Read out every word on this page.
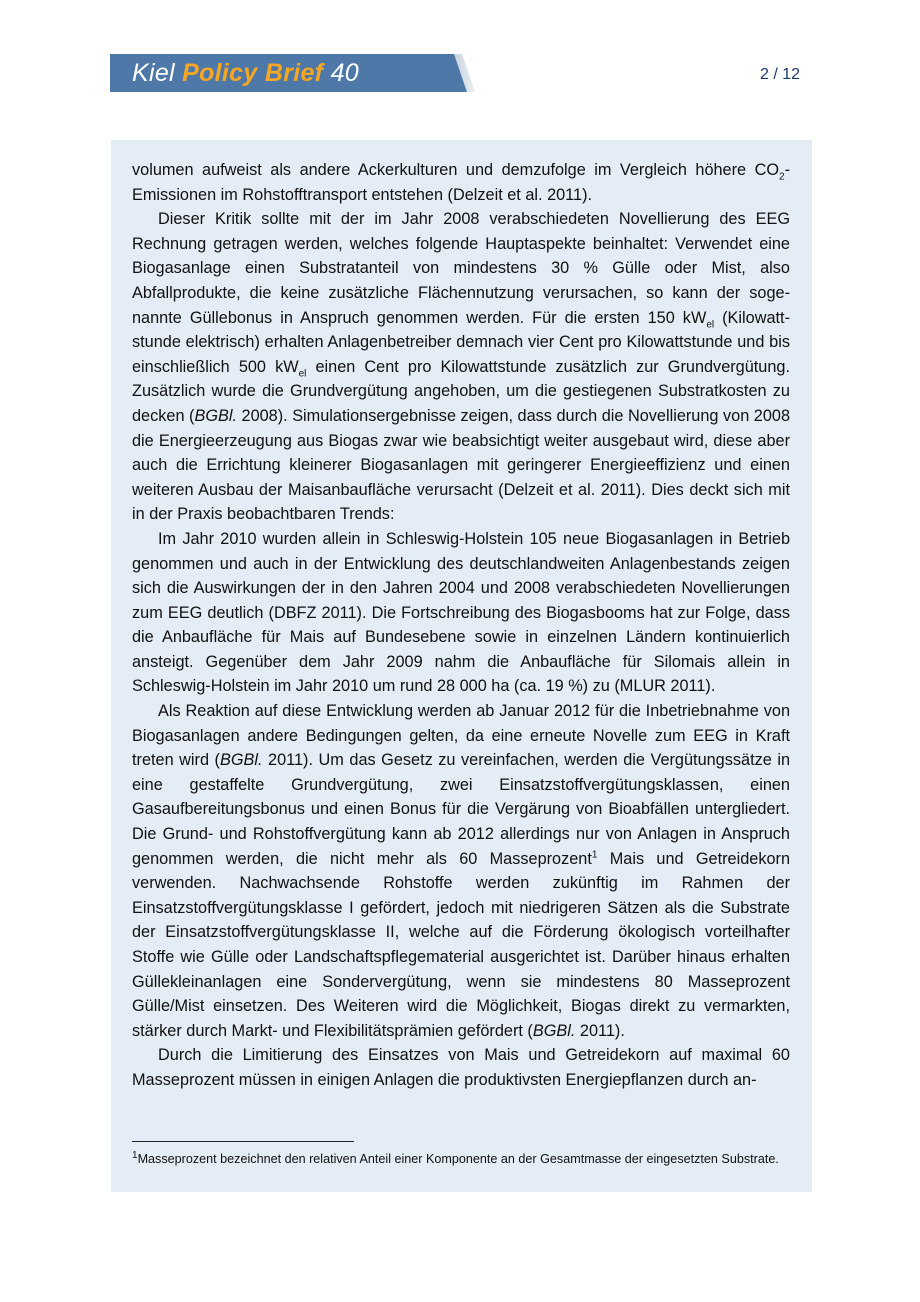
Kiel Policy Brief 40	2 / 12

volumen aufweist als andere Ackerkulturen und demzufolge im Vergleich höhere $CO_2$-Emissionen im Rohstofftransport entstehen (Delzeit et al. 2011).

Dieser Kritik sollte mit der im Jahr 2008 verabschiedeten Novellierung des EEG Rechnung getragen werden, welches folgende Hauptaspekte beinhaltet: Verwendet eine Biogasanlage einen Substratanteil von mindestens 30 % Gülle oder Mist, also Abfallprodukte, die keine zusätzliche Flächennutzung verursachen, so kann der sogenannte Güllebonus in Anspruch genommen werden. Für die ersten 150 $kW_{el}$ (Kilowattstunde elektrisch) erhalten Anlagenbetreiber demnach vier Cent pro Kilowattstunde und bis einschließlich 500 $kW_{el}$ einen Cent pro Kilowattstunde zusätzlich zur Grundvergütung. Zusätzlich wurde die Grundvergütung angehoben, um die gestiegenen Substratkosten zu decken (BGBl. 2008). Simulationsergebnisse zeigen, dass durch die Novellierung von 2008 die Energieerzeugung aus Biogas zwar wie beabsichtigt weiter ausgebaut wird, diese aber auch die Errichtung kleinerer Biogasanlagen mit geringerer Energieeffizienz und einen weiteren Ausbau der Maisanbaufläche verursacht (Delzeit et al. 2011). Dies deckt sich mit in der Praxis beobachtbaren Trends:

Im Jahr 2010 wurden allein in Schleswig-Holstein 105 neue Biogasanlagen in Betrieb genommen und auch in der Entwicklung des deutschlandweiten Anlagenbestands zeigen sich die Auswirkungen der in den Jahren 2004 und 2008 verabschiedeten Novellierungen zum EEG deutlich (DBFZ 2011). Die Fortschreibung des Biogasbooms hat zur Folge, dass die Anbaufläche für Mais auf Bundesebene sowie in einzelnen Ländern kontinuierlich ansteigt. Gegenüber dem Jahr 2009 nahm die Anbaufläche für Silomais allein in Schleswig-Holstein im Jahr 2010 um rund 28 000 ha (ca. 19 %) zu (MLUR 2011).

Als Reaktion auf diese Entwicklung werden ab Januar 2012 für die Inbetriebnahme von Biogasanlagen andere Bedingungen gelten, da eine erneute Novelle zum EEG in Kraft treten wird (BGBl. 2011). Um das Gesetz zu vereinfachen, werden die Vergütungssätze in eine gestaffelte Grundvergütung, zwei Einsatzstoffvergütungsklassen, einen Gasaufbereitungsbonus und einen Bonus für die Vergärung von Bioabfällen untergliedert. Die Grund- und Rohstoffvergütung kann ab 2012 allerdings nur von Anlagen in Anspruch genommen werden, die nicht mehr als 60 Masseprozent$^1$ Mais und Getreidekorn verwenden. Nachwachsende Rohstoffe werden zukünftig im Rahmen der Einsatzstoffvergütungsklasse I gefördert, jedoch mit niedrigeren Sätzen als die Substrate der Einsatzstoffvergütungsklasse II, welche auf die Förderung ökologisch vorteilhafter Stoffe wie Gülle oder Landschaftspflegematerial ausgerichtet ist. Darüber hinaus erhalten Güllekleinanlagen eine Sondervergütung, wenn sie mindestens 80 Masseprozent Gülle/Mist einsetzen. Des Weiteren wird die Möglichkeit, Biogas direkt zu vermarkten, stärker durch Markt- und Flexibilitätsprämien gefördert (BGBl. 2011).

Durch die Limitierung des Einsatzes von Mais und Getreidekorn auf maximal 60 Masseprozent müssen in einigen Anlagen die produktivsten Energiepflanzen durch an-

$^1$Masseprozent bezeichnet den relativen Anteil einer Komponente an der Gesamtmasse der eingesetzten Substrate.
